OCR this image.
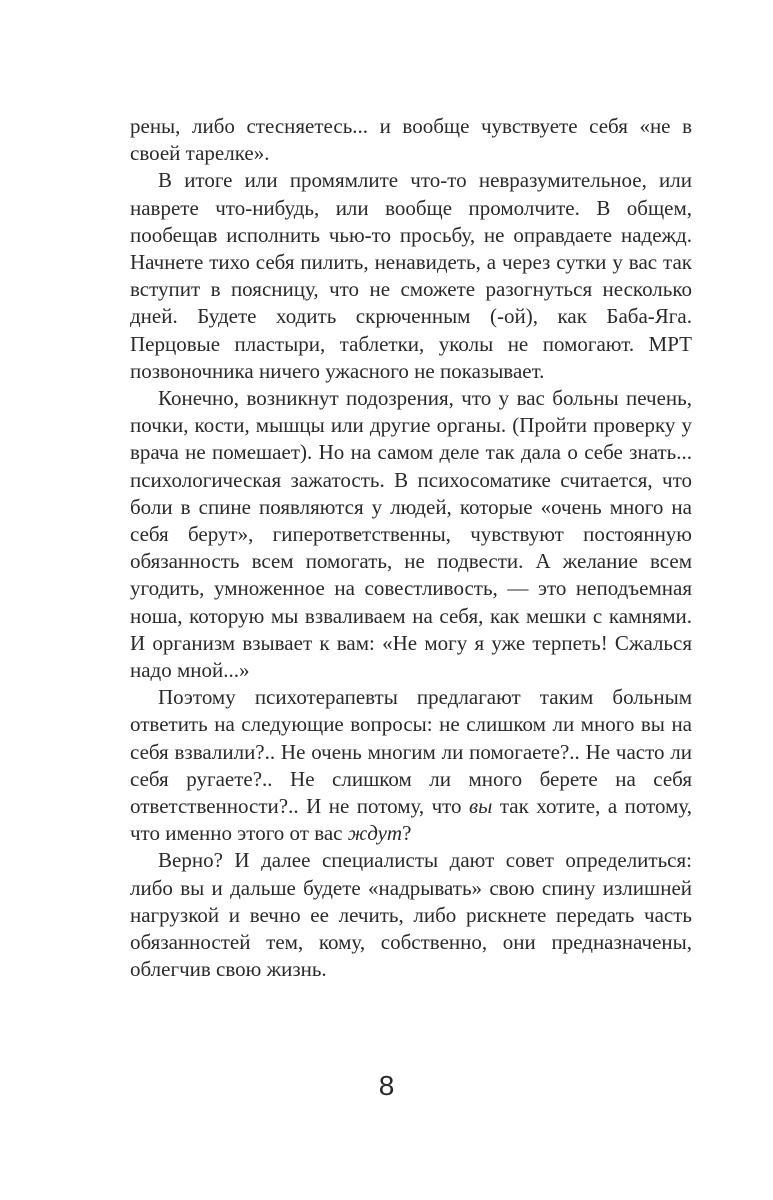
рены, либо стесняетесь... и вообще чувствуете себя «не в своей тарелке».

В итоге или промямлите что-то невразумительное, или наврете что-нибудь, или вообще промолчите. В общем, пообещав исполнить чью-то просьбу, не оправдаете надежд. Начнете тихо себя пилить, ненавидеть, а через сутки у вас так вступит в поясницу, что не сможете разогнуться несколько дней. Будете ходить скрюченным (-ой), как Баба-Яга. Перцовые пластыри, таблетки, уколы не помогают. МРТ позвоночника ничего ужасного не показывает.

Конечно, возникнут подозрения, что у вас больны печень, почки, кости, мышцы или другие органы. (Пройти проверку у врача не помешает). Но на самом деле так дала о себе знать... психологическая зажатость. В психосоматике считается, что боли в спине появляются у людей, которые «очень много на себя берут», гиперответственны, чувствуют постоянную обязанность всем помогать, не подвести. А желание всем угодить, умноженное на совестливость, — это неподъемная ноша, которую мы взваливаем на себя, как мешки с камнями. И организм взывает к вам: «Не могу я уже терпеть! Сжалься надо мной...»

Поэтому психотерапевты предлагают таким больным ответить на следующие вопросы: не слишком ли много вы на себя взвалили?.. Не очень многим ли помогаете?.. Не часто ли себя ругаете?.. Не слишком ли много берете на себя ответственности?.. И не потому, что вы так хотите, а потому, что именно этого от вас ждут?

Верно? И далее специалисты дают совет определиться: либо вы и дальше будете «надрывать» свою спину излишней нагрузкой и вечно ее лечить, либо рискнете передать часть обязанностей тем, кому, собственно, они предназначены, облегчив свою жизнь.

8
